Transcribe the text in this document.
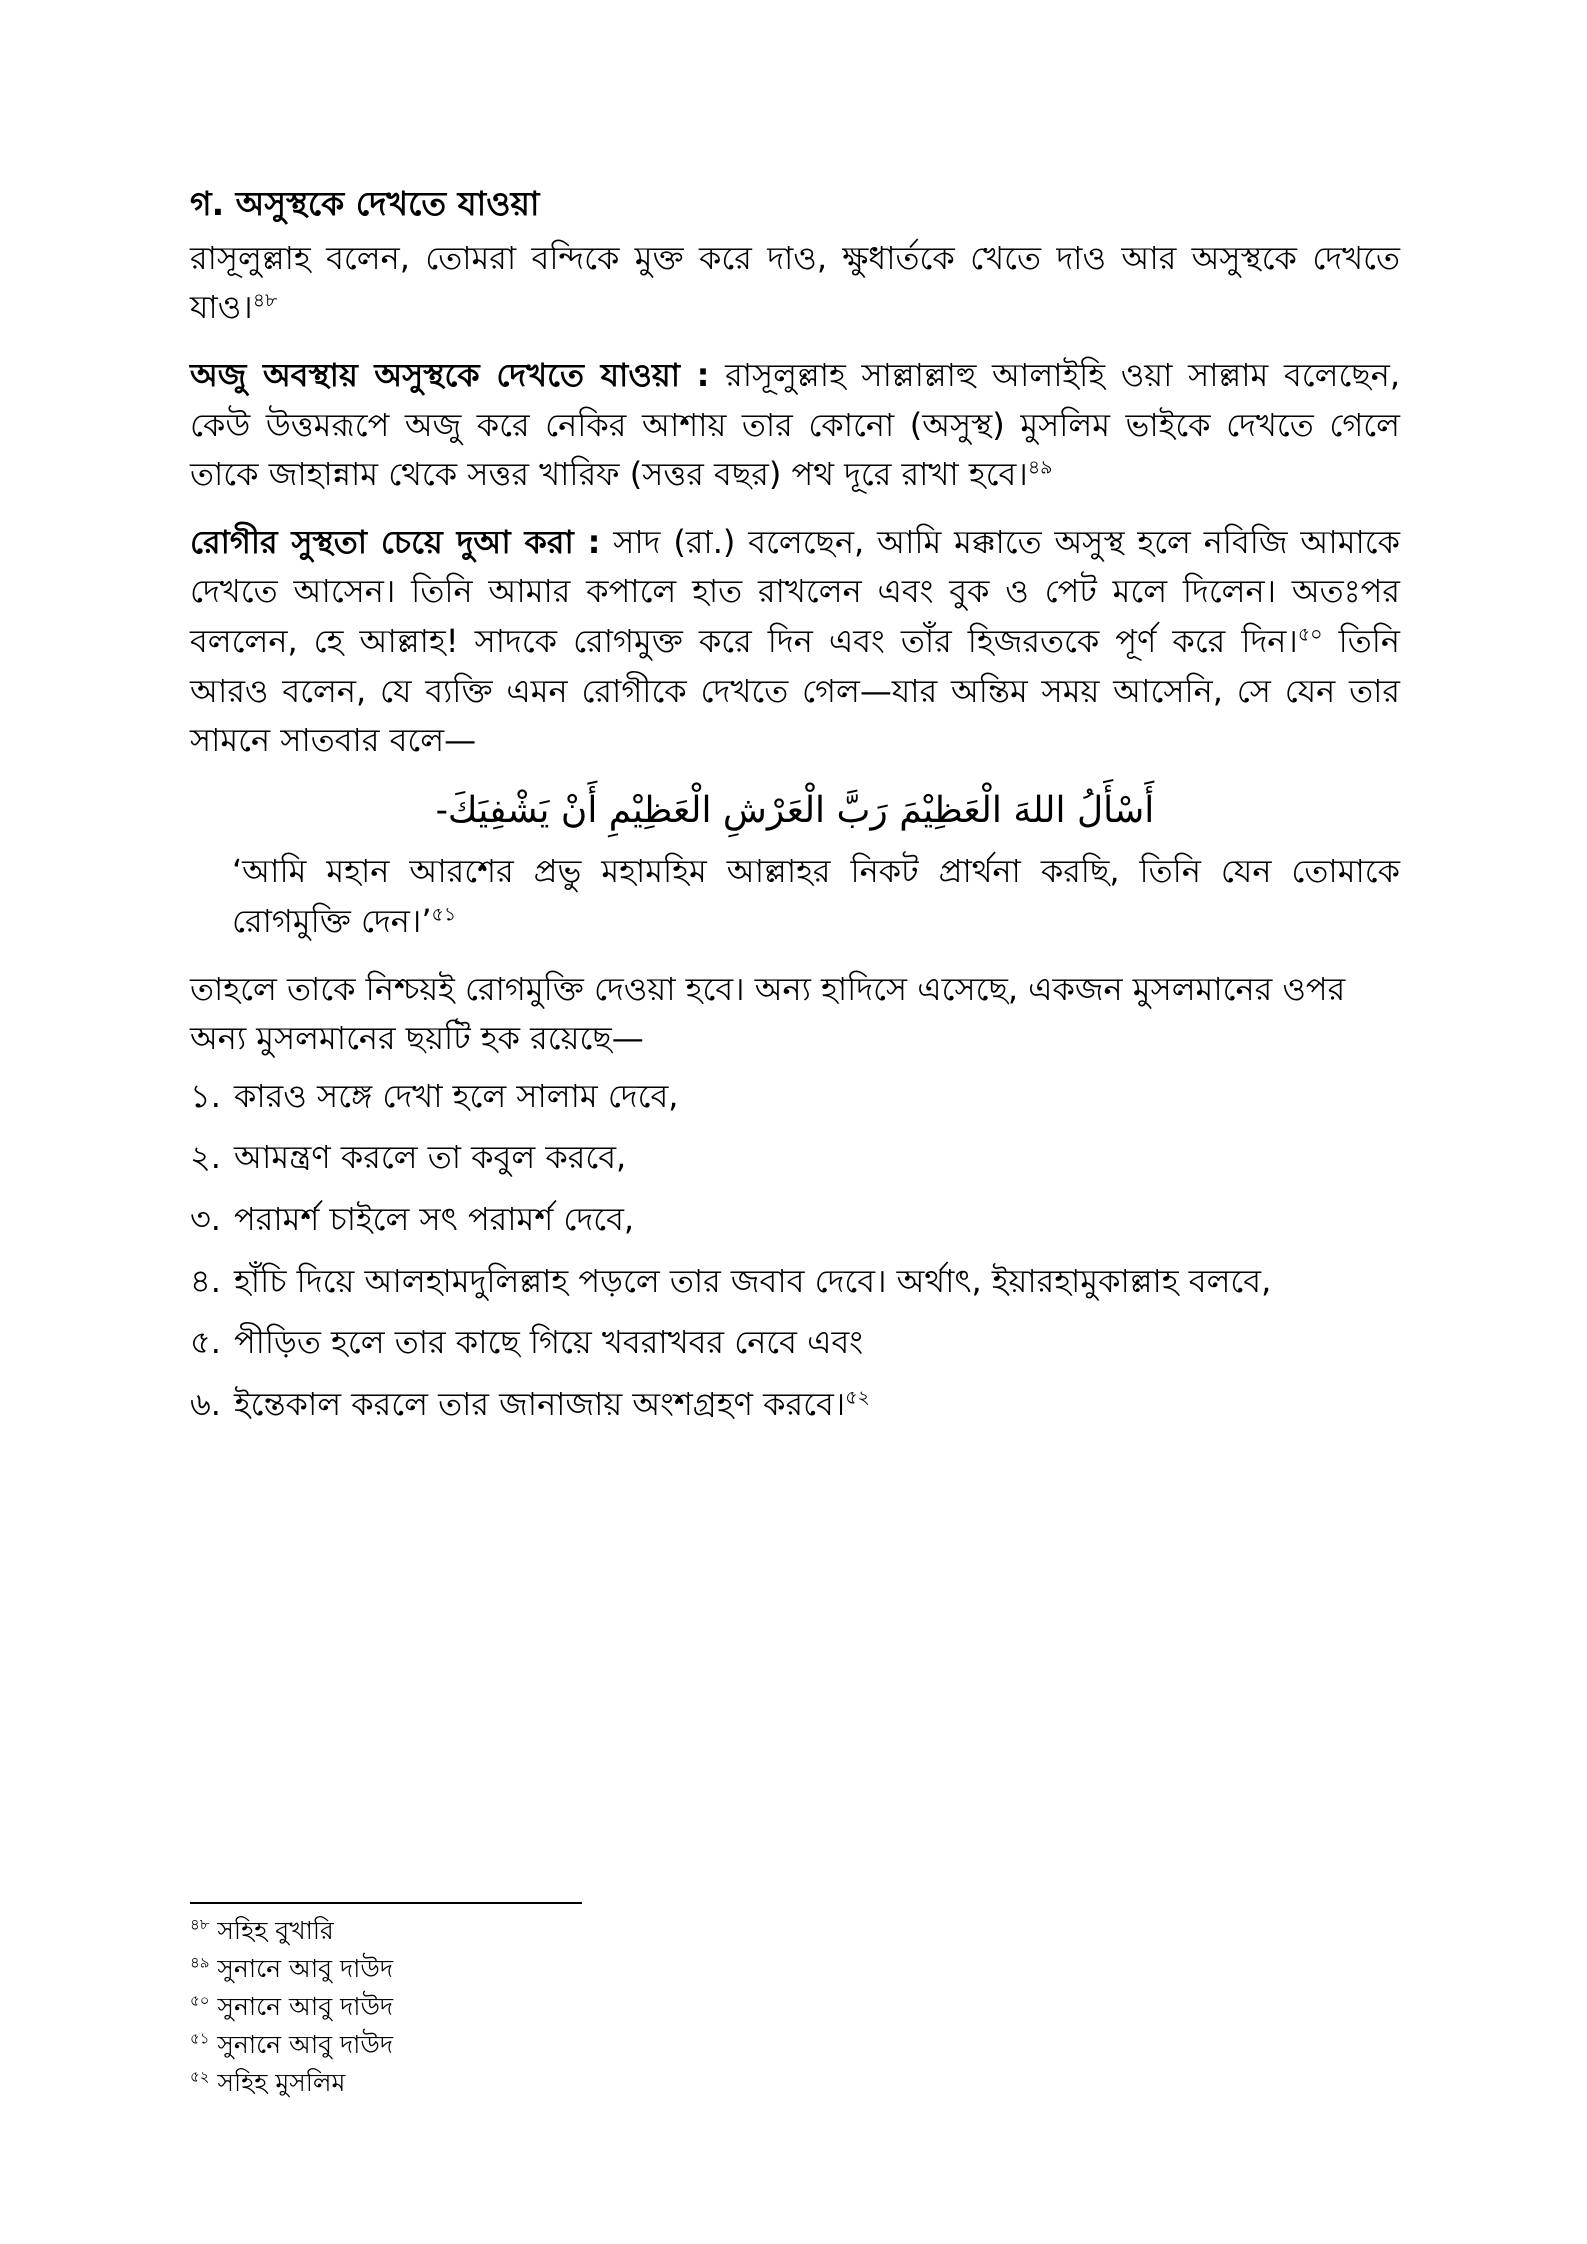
গ. অসুস্থকে দেখতে যাওয়া

রাসূলুল্লাহ বলেন, তোমরা বন্দিকে মুক্ত করে দাও, ক্ষুধার্তকে খেতে দাও আর অসুস্থকে দেখতে যাও।$^{৪৮}$

অজু অবস্থায় অসুস্থকে দেখতে যাওয়া : রাসূলুল্লাহ সাল্লাল্লাহু আলাইহি ওয়া সাল্লাম বলেছেন, কেউ উত্তমরূপে অজু করে নেকির আশায় তার কোনো (অসুস্থ) মুসলিম ভাইকে দেখতে গেলে তাকে জাহান্নাম থেকে সত্তর খারিফ (সত্তর বছর) পথ দূরে রাখা হবে।$^{৪৯}$

রোগীর সুস্থতা চেয়ে দুআ করা : সাদ (রা.) বলেছেন, আমি মক্কাতে অসুস্থ হলে নবিজি আমাকে দেখতে আসেন। তিনি আমার কপালে হাত রাখলেন এবং বুক ও পেট মলে দিলেন। অতঃপর বললেন, হে আল্লাহ! সাদকে রোগমুক্ত করে দিন এবং তাঁর হিজরতকে পূর্ণ করে দিন।$^{৫০}$ তিনি আরও বলেন, যে ব্যক্তি এমন রোগীকে দেখতে গেল—যার অন্তিম সময় আসেনি, সে যেন তার সামনে সাতবার বলে—

أَسْأَلُ اللهَ الْعَظِيْمَ رَبَّ الْعَرْشِ الْعَظِيْمِ أَنْ يَشْفِيَكَ-
‘আমি মহান আরশের প্রভু মহামহিম আল্লাহর নিকট প্রার্থনা করছি, তিনি যেন তোমাকে রোগমুক্তি দেন।’$^{৫১}$

তাহলে তাকে নিশ্চয়ই রোগমুক্তি দেওয়া হবে। অন্য হাদিসে এসেছে, একজন মুসলমানের ওপর অন্য মুসলমানের ছয়টি হক রয়েছে—

১. কারও সঙ্গে দেখা হলে সালাম দেবে,
২. আমন্ত্রণ করলে তা কবুল করবে,
৩. পরামর্শ চাইলে সৎ পরামর্শ দেবে,
৪. হাঁচি দিয়ে আলহামদুলিল্লাহ পড়লে তার জবাব দেবে। অর্থাৎ, ইয়ারহামুকাল্লাহ বলবে,
৫. পীড়িত হলে তার কাছে গিয়ে খবরাখবর নেবে এবং
৬. ইন্তেকাল করলে তার জানাজায় অংশগ্রহণ করবে।$^{৫২}$
$^{৪৮}$ সহিহ বুখারি
$^{৪৯}$ সুনানে আবু দাউদ
$^{৫০}$ সুনানে আবু দাউদ
$^{৫১}$ সুনানে আবু দাউদ
$^{৫২}$ সহিহ মুসলিম
